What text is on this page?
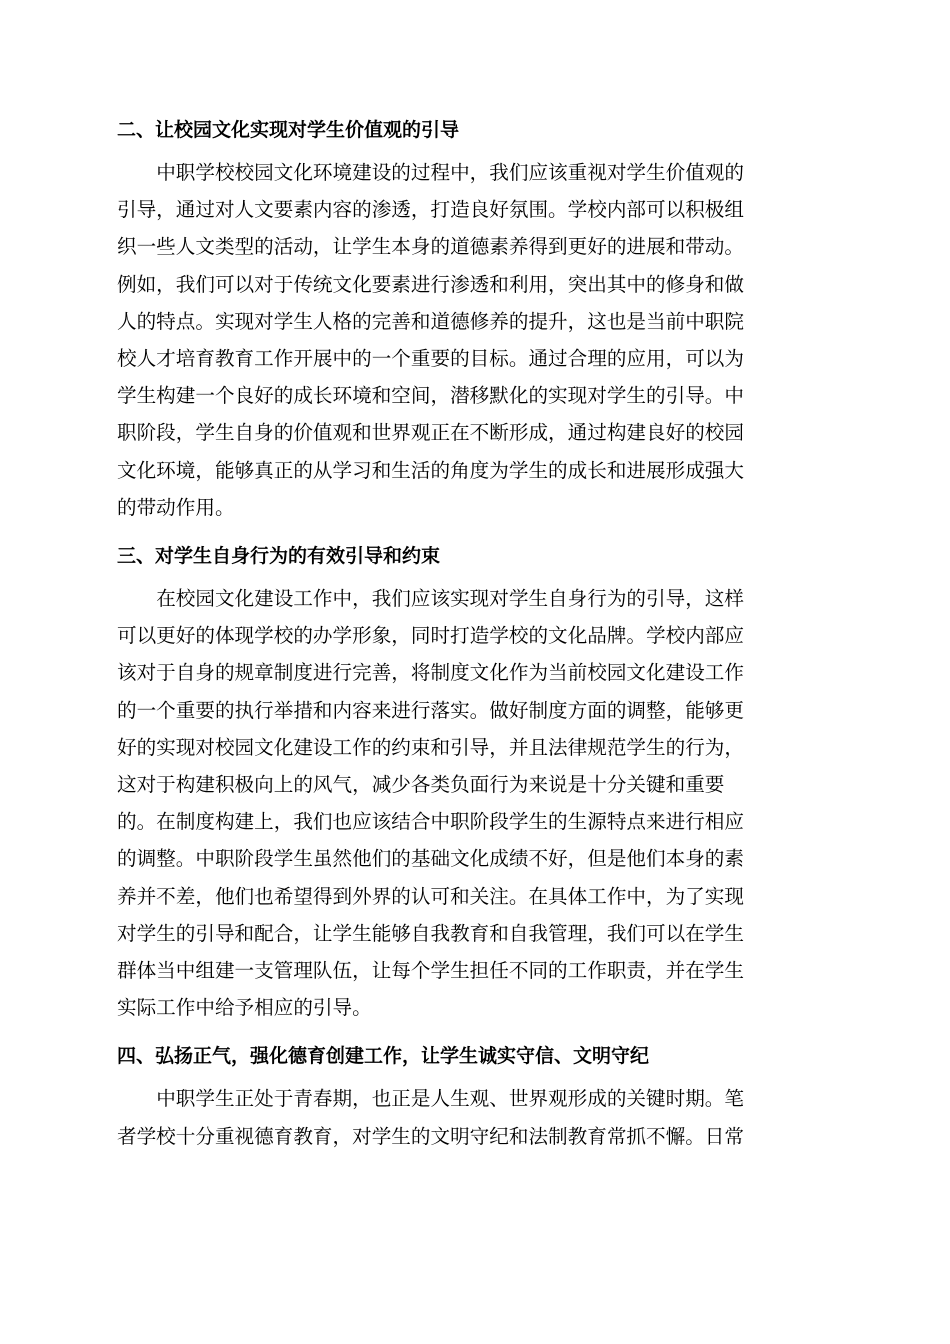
二、让校园文化实现对学生价值观的引导
中职学校校园文化环境建设的过程中，我们应该重视对学生价值观的
引导，通过对人文要素内容的渗透，打造良好氛围。学校内部可以积极组
织一些人文类型的活动，让学生本身的道德素养得到更好的进展和带动。
例如，我们可以对于传统文化要素进行渗透和利用，突出其中的修身和做
人的特点。实现对学生人格的完善和道德修养的提升，这也是当前中职院
校人才培育教育工作开展中的一个重要的目标。通过合理的应用，可以为
学生构建一个良好的成长环境和空间，潜移默化的实现对学生的引导。中
职阶段，学生自身的价值观和世界观正在不断形成，通过构建良好的校园
文化环境，能够真正的从学习和生活的角度为学生的成长和进展形成强大
的带动作用。
三、对学生自身行为的有效引导和约束
在校园文化建设工作中，我们应该实现对学生自身行为的引导，这样
可以更好的体现学校的办学形象，同时打造学校的文化品牌。学校内部应
该对于自身的规章制度进行完善，将制度文化作为当前校园文化建设工作
的一个重要的执行举措和内容来进行落实。做好制度方面的调整，能够更
好的实现对校园文化建设工作的约束和引导，并且法律规范学生的行为，
这对于构建积极向上的风气，减少各类负面行为来说是十分关键和重要
的。在制度构建上，我们也应该结合中职阶段学生的生源特点来进行相应
的调整。中职阶段学生虽然他们的基础文化成绩不好，但是他们本身的素
养并不差，他们也希望得到外界的认可和关注。在具体工作中，为了实现
对学生的引导和配合，让学生能够自我教育和自我管理，我们可以在学生
群体当中组建一支管理队伍，让每个学生担任不同的工作职责，并在学生
实际工作中给予相应的引导。
四、弘扬正气，强化德育创建工作，让学生诚实守信、文明守纪
中职学生正处于青春期，也正是人生观、世界观形成的关键时期。笔
者学校十分重视德育教育，对学生的文明守纪和法制教育常抓不懈。日常
